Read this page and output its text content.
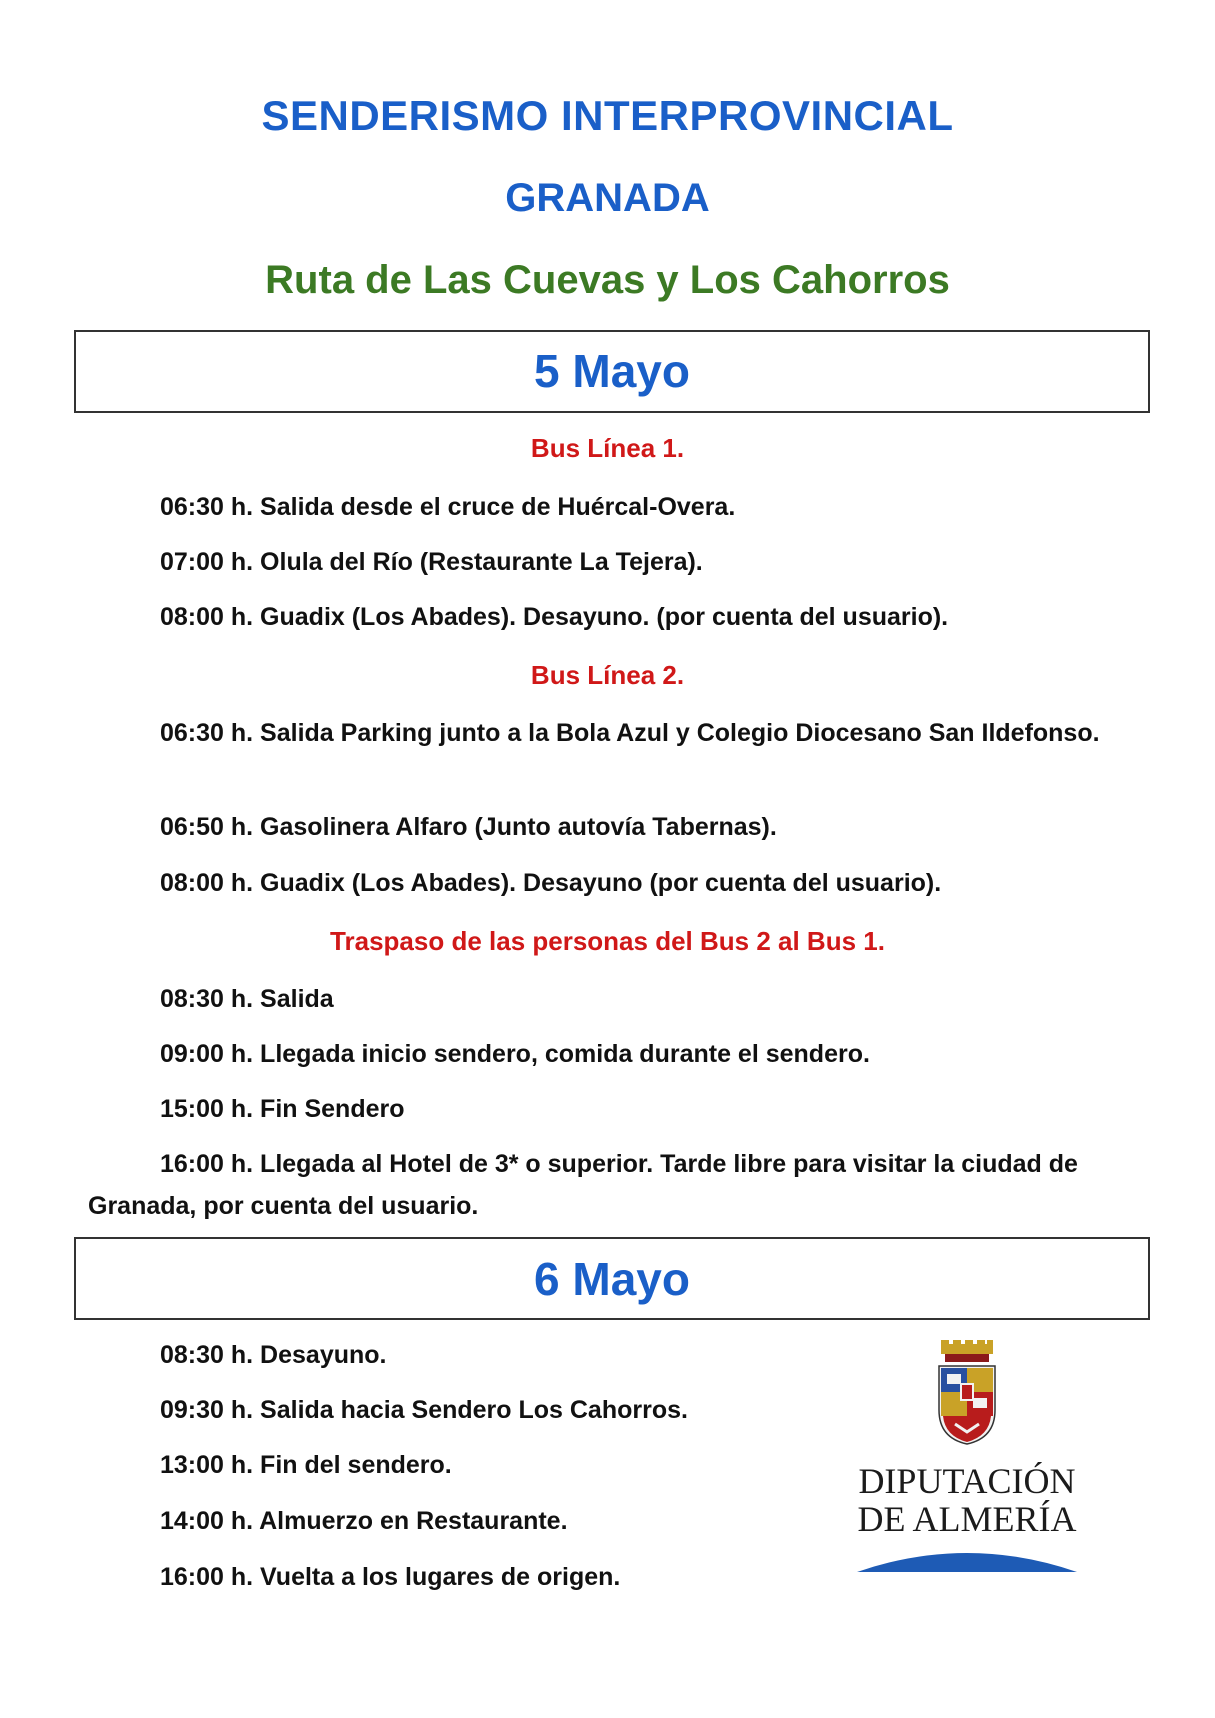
SENDERISMO INTERPROVINCIAL
GRANADA
Ruta de Las Cuevas y Los Cahorros
5 Mayo
Bus Línea 1.
06:30 h. Salida desde el cruce de Huércal-Overa.
07:00 h. Olula del Río (Restaurante La Tejera).
08:00 h. Guadix (Los Abades). Desayuno. (por cuenta del usuario).
Bus Línea 2.
06:30 h. Salida Parking junto a la Bola Azul y Colegio Diocesano San Ildefonso.
06:50 h. Gasolinera Alfaro (Junto autovía Tabernas).
08:00 h. Guadix (Los Abades). Desayuno (por cuenta del usuario).
Traspaso de las personas del Bus 2 al Bus 1.
08:30 h. Salida
09:00 h. Llegada inicio sendero, comida durante el sendero.
15:00 h. Fin Sendero
16:00 h. Llegada al Hotel de 3* o superior. Tarde libre para visitar la ciudad de Granada, por cuenta del usuario.
6 Mayo
08:30 h. Desayuno.
09:30 h. Salida hacia Sendero Los Cahorros.
13:00 h. Fin del sendero.
14:00 h. Almuerzo en Restaurante.
16:00 h. Vuelta a los lugares de origen.
DIPUTACIÓN
DE ALMERÍA
